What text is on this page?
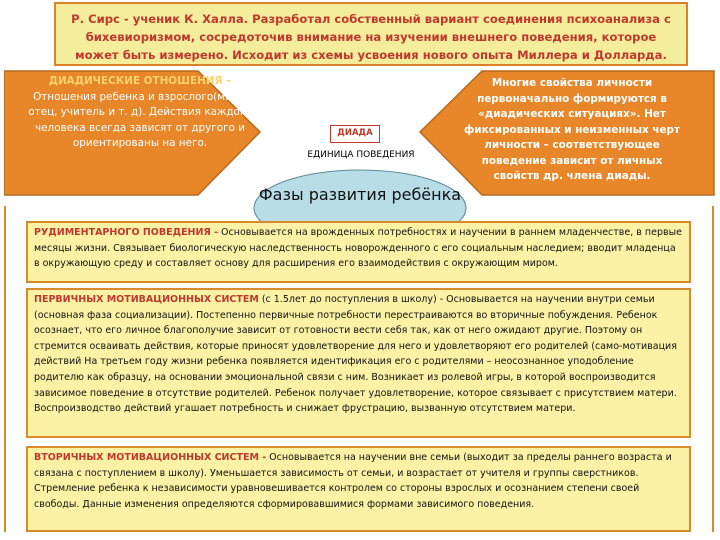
Р. Сирс - ученик К. Халла. Разработал собственный вариант соединения психоанализа с бихевиоризмом, сосредоточив внимание на изучении внешнего поведения, которое может быть измерено. Исходит из схемы усвоения нового опыта Миллера и Долларда.
ДИАДИЧЕСКИЕ ОТНОШЕНИЯ –
Отношения ребенка и взрослого(мать, отец, учитель и т. д). Действия каждого человека всегда зависят от другого и ориентированы на него.
Многие свойства личности первоначально формируются в «диадических ситуациях». Нет фиксированных и неизменных черт личности – соответствующее поведение зависит от личных свойств др. члена диады.
ДИАДА
ЕДИНИЦА ПОВЕДЕНИЯ
Фазы развития ребёнка
РУДИМЕНТАРНОГО ПОВЕДЕНИЯ - Основывается на врожденных потребностях и научении в раннем младенчестве, в первые месяцы жизни. Связывает биологическую наследственность новорожденного с его социальным наследием; вводит младенца в окружающую среду и составляет основу для расширения его взаимодействия с окружающим миром.
ПЕРВИЧНЫХ МОТИВАЦИОННЫХ СИСТЕМ (с 1.5лет до поступления в школу) - Основывается на научении внутри семьи (основная фаза социализации). Постепенно первичные потребности перестраиваются во вторичные побуждения. Ребенок осознает, что его личное благополучие зависит от готовности вести себя так, как от него ожидают другие. Поэтому он стремится осваивать действия, которые приносят удовлетворение для него и удовлетворяют его родителей (само-мотивация действий На третьем году жизни ребенка появляется идентификация его с родителями – неосознанное уподобление родителю как образцу, на основании эмоциональной связи с ним. Возникает из ролевой игры, в которой воспроизводится зависимое поведение в отсутствие родителей. Ребенок получает удовлетворение, которое связывает с присутствием матери. Воспроизводство действий угашает потребность и снижает фрустрацию, вызванную отсутствием матери.
ВТОРИЧНЫХ МОТИВАЦИОННЫХ СИСТЕМ - Основывается на научении вне семьи (выходит за пределы раннего возраста и связана с поступлением в школу). Уменьшается зависимость от семьи, и возрастает от учителя и группы сверстников. Стремление ребенка к независимости уравновешивается контролем со стороны взрослых и осознанием степени своей свободы. Данные изменения определяются сформировавшимися формами зависимого поведения.
